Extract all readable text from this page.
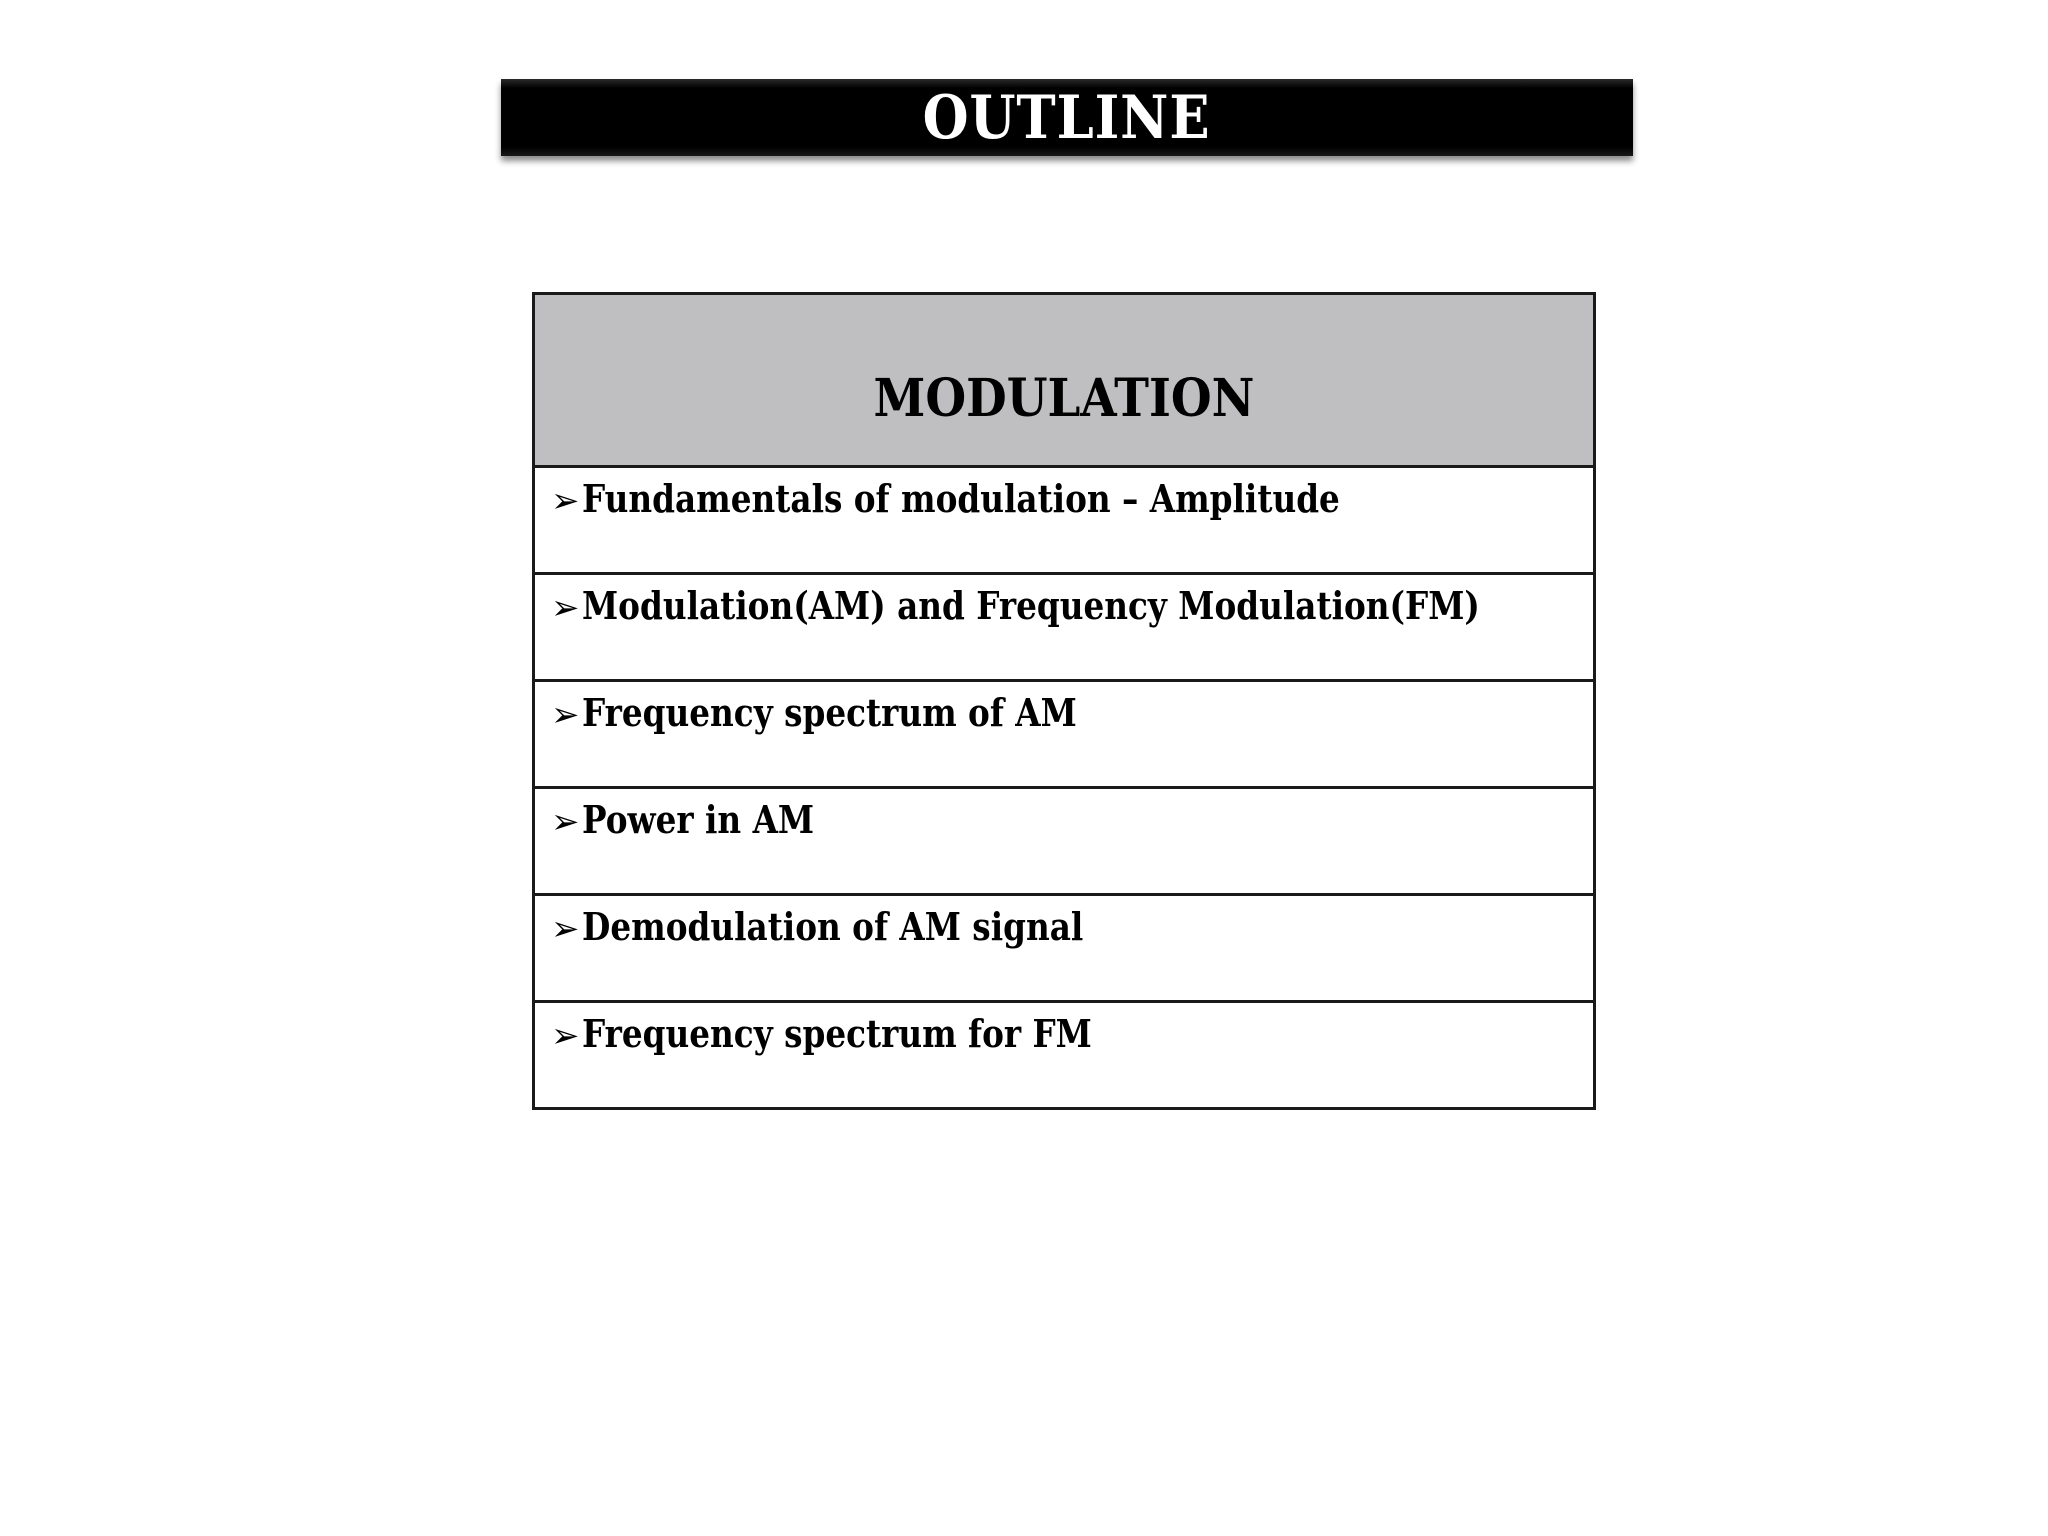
OUTLINE
MODULATION

➢ Fundamentals of modulation – Amplitude

➢ Modulation(AM) and Frequency Modulation(FM)

➢ Frequency spectrum of AM

➢ Power in AM

➢ Demodulation of AM signal

➢ Frequency spectrum for FM
